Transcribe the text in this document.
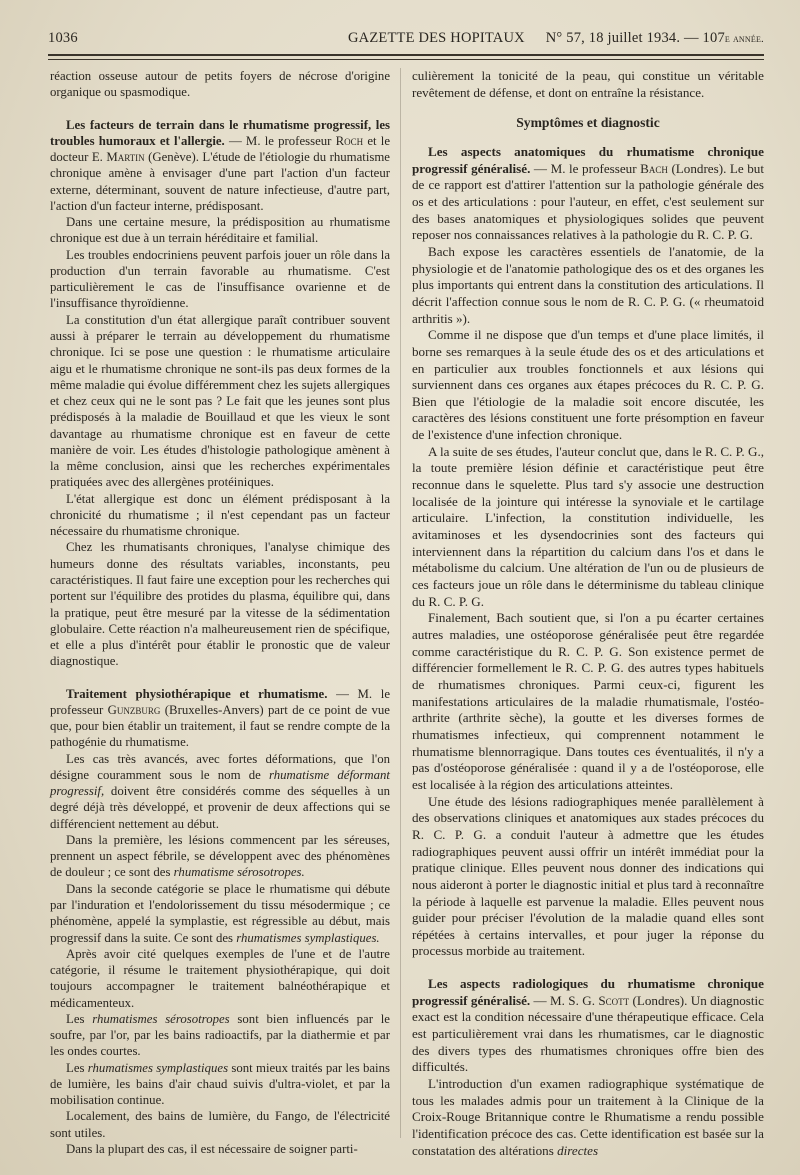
1036	GAZETTE DES HOPITAUX N° 57, 18 juillet 1934. — 107e année.

réaction osseuse autour de petits foyers de nécrose d'origine organique ou spasmodique.

Les facteurs de terrain dans le rhumatisme progressif, les troubles humoraux et l'allergie. — M. le professeur Roch et le docteur E. Martin (Genève). L'étude de l'étiologie du rhumatisme chronique amène à envisager d'une part l'action d'un facteur externe, déterminant, souvent de nature infectieuse, d'autre part, l'action d'un facteur interne, prédisposant.

Dans une certaine mesure, la prédisposition au rhumatisme chronique est due à un terrain héréditaire et familial.

Les troubles endocriniens peuvent parfois jouer un rôle dans la production d'un terrain favorable au rhumatisme. C'est particulièrement le cas de l'insuffisance ovarienne et de l'insuffisance thyroïdienne.

La constitution d'un état allergique paraît contribuer souvent aussi à préparer le terrain au développement du rhumatisme chronique. Ici se pose une question : le rhumatisme articulaire aigu et le rhumatisme chronique ne sont-ils pas deux formes de la même maladie qui évolue différemment chez les sujets allergiques et chez ceux qui ne le sont pas ? Le fait que les jeunes sont plus prédisposés à la maladie de Bouillaud et que les vieux le sont davantage au rhumatisme chronique est en faveur de cette manière de voir. Les études d'histologie pathologique amènent à la même conclusion, ainsi que les recherches expérimentales pratiquées avec des allergènes protéiniques.

L'état allergique est donc un élément prédisposant à la chronicité du rhumatisme ; il n'est cependant pas un facteur nécessaire du rhumatisme chronique.

Chez les rhumatisants chroniques, l'analyse chimique des humeurs donne des résultats variables, inconstants, peu caractéristiques. Il faut faire une exception pour les recherches qui portent sur l'équilibre des protides du plasma, équilibre qui, dans la pratique, peut être mesuré par la vitesse de la sédimentation globulaire. Cette réaction n'a malheureusement rien de spécifique, et elle a plus d'intérêt pour établir le pronostic que de valeur diagnostique.

Traitement physiothérapique et rhumatisme. — M. le professeur Gunzburg (Bruxelles-Anvers) part de ce point de vue que, pour bien établir un traitement, il faut se rendre compte de la pathogénie du rhumatisme.

Les cas très avancés, avec fortes déformations, que l'on désigne couramment sous le nom de rhumatisme déformant progressif, doivent être considérés comme des séquelles à un degré déjà très développé, et provenir de deux affections qui se différencient nettement au début.

Dans la première, les lésions commencent par les séreuses, prennent un aspect fébrile, se développent avec des phénomènes de douleur ; ce sont des rhumatisme sérosotropes.

Dans la seconde catégorie se place le rhumatisme qui débute par l'induration et l'endolorissement du tissu mésodermique ; ce phénomène, appelé la symplastie, est régressible au début, mais progressif dans la suite. Ce sont des rhumatismes symplastiques.

Après avoir cité quelques exemples de l'une et de l'autre catégorie, il résume le traitement physiothérapique, qui doit toujours accompagner le traitement balnéothérapique et médicamenteux.

Les rhumatismes sérosotropes sont bien influencés par le soufre, par l'or, par les bains radioactifs, par la diathermie et par les ondes courtes.

Les rhumatismes symplastiques sont mieux traités par les bains de lumière, les bains d'air chaud suivis d'ultra-violet, et par la mobilisation continue.

Localement, des bains de lumière, du Fango, de l'électricité sont utiles.

Dans la plupart des cas, il est nécessaire de soigner parti-

culièrement la tonicité de la peau, qui constitue un véritable revêtement de défense, et dont on entraîne la résistance.

Symptômes et diagnostic

Les aspects anatomiques du rhumatisme chronique progressif généralisé. — M. le professeur Bach (Londres). Le but de ce rapport est d'attirer l'attention sur la pathologie générale des os et des articulations : pour l'auteur, en effet, c'est seulement sur des bases anatomiques et physiologiques solides que peuvent reposer nos connaissances relatives à la pathologie du R. C. P. G.

Bach expose les caractères essentiels de l'anatomie, de la physiologie et de l'anatomie pathologique des os et des organes les plus importants qui entrent dans la constitution des articulations. Il décrit l'affection connue sous le nom de R. C. P. G. (« rheumatoid arthritis »).

Comme il ne dispose que d'un temps et d'une place limités, il borne ses remarques à la seule étude des os et des articulations et en particulier aux troubles fonctionnels et aux lésions qui surviennent dans ces organes aux étapes précoces du R. C. P. G. Bien que l'étiologie de la maladie soit encore discutée, les caractères des lésions constituent une forte présomption en faveur de l'existence d'une infection chronique.

A la suite de ses études, l'auteur conclut que, dans le R. C. P. G., la toute première lésion définie et caractéristique peut être reconnue dans le squelette. Plus tard s'y associe une destruction localisée de la jointure qui intéresse la synoviale et le cartilage articulaire. L'infection, la constitution individuelle, les avitaminoses et les dysendocrinies sont des facteurs qui interviennent dans la répartition du calcium dans l'os et dans le métabolisme du calcium. Une altération de l'un ou de plusieurs de ces facteurs joue un rôle dans le déterminisme du tableau clinique du R. C. P. G.

Finalement, Bach soutient que, si l'on a pu écarter certaines autres maladies, une ostéoporose généralisée peut être regardée comme caractéristique du R. C. P. G. Son existence permet de différencier formellement le R. C. P. G. des autres types habituels de rhumatismes chroniques. Parmi ceux-ci, figurent les manifestations articulaires de la maladie rhumatismale, l'ostéo-arthrite (arthrite sèche), la goutte et les diverses formes de rhumatismes infectieux, qui comprennent notamment le rhumatisme blennorragique. Dans toutes ces éventualités, il n'y a pas d'ostéoporose généralisée : quand il y a de l'ostéoporose, elle est localisée à la région des articulations atteintes.

Une étude des lésions radiographiques menée parallèlement à des observations cliniques et anatomiques aux stades précoces du R. C. P. G. a conduit l'auteur à admettre que les études radiographiques peuvent aussi offrir un intérêt immédiat pour la pratique clinique. Elles peuvent nous donner des indications qui nous aideront à porter le diagnostic initial et plus tard à reconnaître la période à laquelle est parvenue la maladie. Elles peuvent nous guider pour préciser l'évolution de la maladie quand elles sont répétées à certains intervalles, et pour juger la réponse du processus morbide au traitement.

Les aspects radiologiques du rhumatisme chronique progressif généralisé. — M. S. G. Scott (Londres). Un diagnostic exact est la condition nécessaire d'une thérapeutique efficace. Cela est particulièrement vrai dans les rhumatismes, car le diagnostic des divers types des rhumatismes chroniques offre bien des difficultés.

L'introduction d'un examen radiographique systématique de tous les malades admis pour un traitement à la Clinique de la Croix-Rouge Britannique contre le Rhumatisme a rendu possible l'identification précoce des cas. Cette identification est basée sur la constatation des altérations directes
